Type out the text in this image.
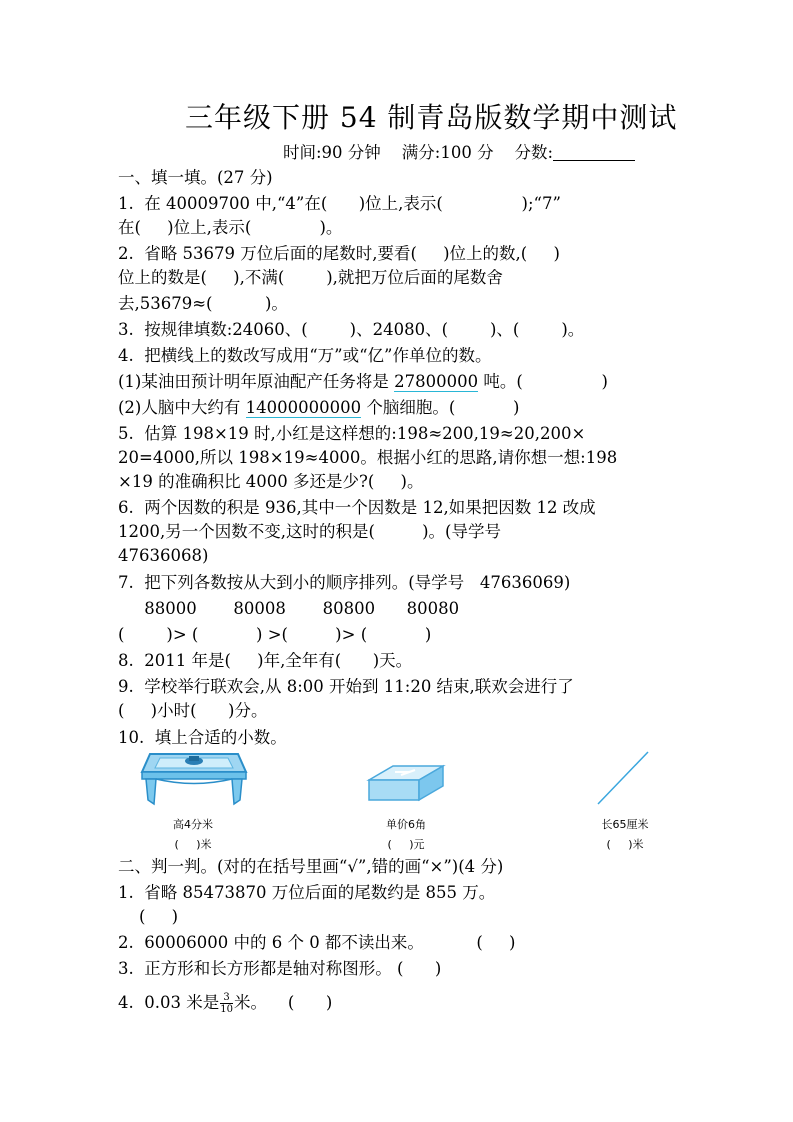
三年级下册 54 制青岛版数学期中测试
时间:90 分钟    满分:100 分    分数:
一、填一填。(27 分)
1.  在 40009700 中,“4”在(      )位上,表示(               );“7”
在(     )位上,表示(             )。
2.  省略 53679 万位后面的尾数时,要看(     )位上的数,(     )
位上的数是(     ),不满(        ),就把万位后面的尾数舍
去,53679≈(          )。
3.  按规律填数:24060、(        )、24080、(        )、(        )。
4.  把横线上的数改写成用“万”或“亿”作单位的数。
(1)某油田预计明年原油配产任务将是 27800000 吨。(               )
(2)人脑中大约有 14000000000 个脑细胞。(           )
5.  估算 198×19 时,小红是这样想的:198≈200,19≈20,200×
20=4000,所以 198×19≈4000。根据小红的思路,请你想一想:198
×19 的准确积比 4000 多还是少?(     )。
6.  两个因数的积是 936,其中一个因数是 12,如果把因数 12 改成
1200,另一个因数不变,这时的积是(         )。(导学号
47636068)
7.  把下列各数按从大到小的顺序排列。(导学号   47636069)
88000       80008       80800      80080
(        )> (           ) >(         )> (           )
8.  2011 年是(     )年,全年有(      )天。
9.  学校举行联欢会,从 8:00 开始到 11:20 结束,联欢会进行了
(     )小时(      )分。
10.  填上合适的小数。
高4分米
(     )米
单价6角
(     )元
长65厘米
(     )米
二、判一判。(对的在括号里画“√”,错的画“×”)(4 分)
1.  省略 85473870 万位后面的尾数约是 855 万。
(     )
2.  60006000 中的 6 个 0 都不读出来。          (     )
3.  正方形和长方形都是轴对称图形。 (      )
4.  0.03 米是 $\frac{3}{10}$ 米。    (      )
